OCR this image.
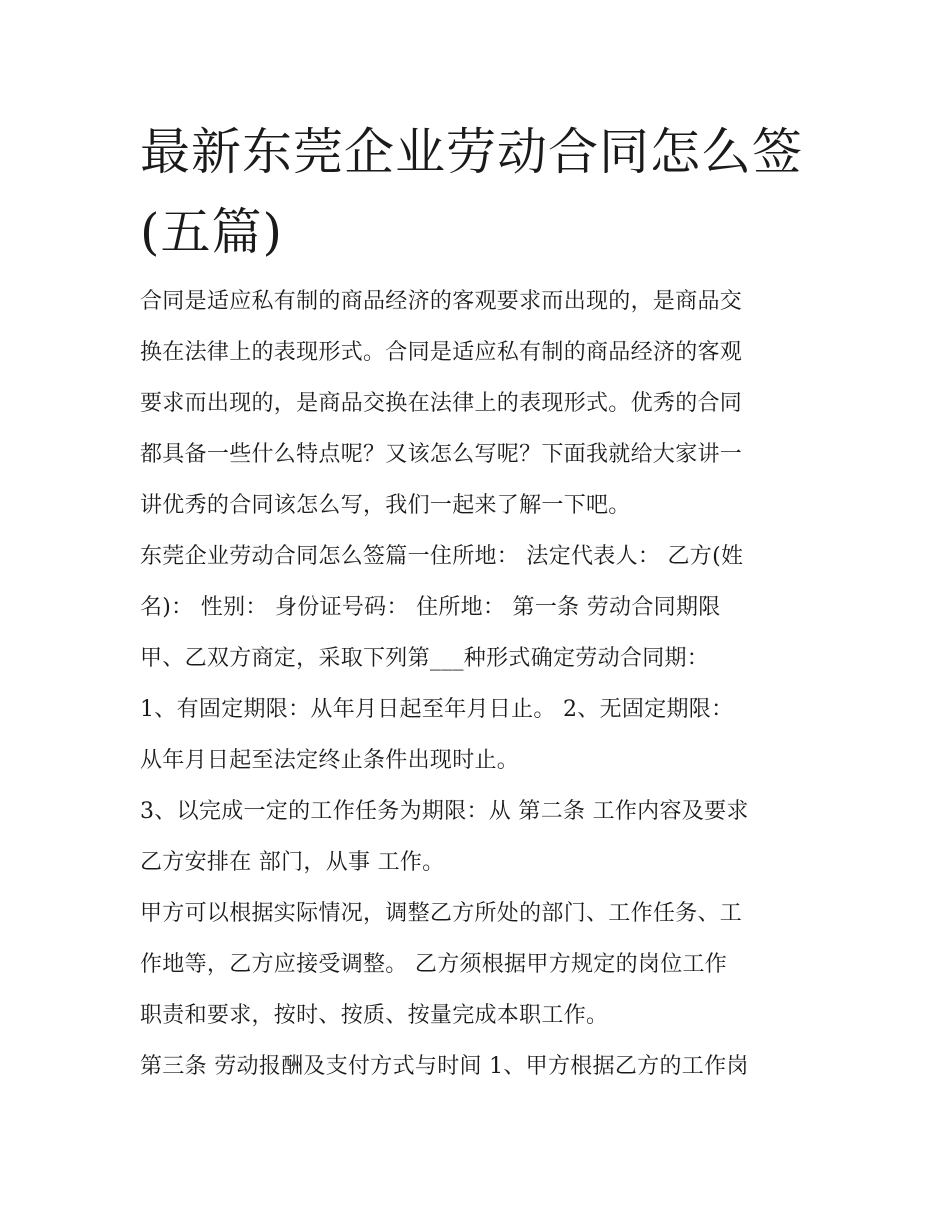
最新东莞企业劳动合同怎么签
(五篇)

合同是适应私有制的商品经济的客观要求而出现的，是商品交

换在法律上的表现形式。合同是适应私有制的商品经济的客观

要求而出现的，是商品交换在法律上的表现形式。优秀的合同

都具备一些什么特点呢？又该怎么写呢？下面我就给大家讲一

讲优秀的合同该怎么写，我们一起来了解一下吧。

东莞企业劳动合同怎么签篇一住所地： 法定代表人： 乙方(姓

名)： 性别： 身份证号码： 住所地： 第一条 劳动合同期限

甲、乙双方商定，采取下列第___种形式确定劳动合同期：

1、有固定期限：从年月日起至年月日止。 2、无固定期限：

从年月日起至法定终止条件出现时止。

3、以完成一定的工作任务为期限：从 第二条 工作内容及要求

乙方安排在 部门，从事 工作。

甲方可以根据实际情况，调整乙方所处的部门、工作任务、工

作地等，乙方应接受调整。 乙方须根据甲方规定的岗位工作

职责和要求，按时、按质、按量完成本职工作。

第三条 劳动报酬及支付方式与时间 1、甲方根据乙方的工作岗
